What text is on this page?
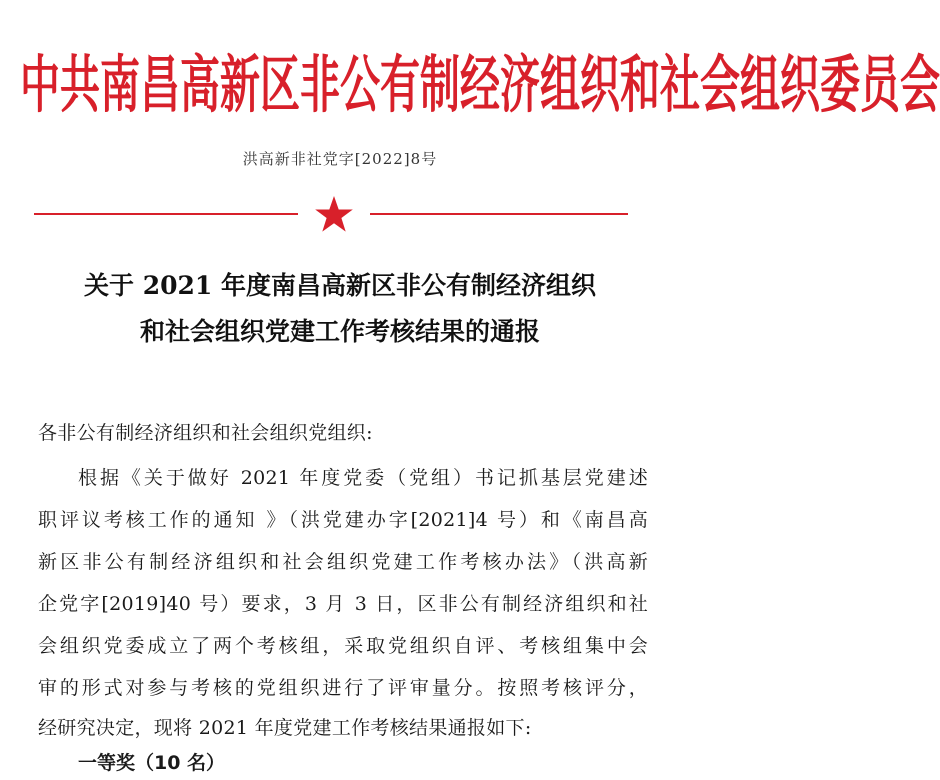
中共南昌高新区非公有制经济组织和社会组织委员会
洪高新非社党字[2022]8号
关于 2021 年度南昌高新区非公有制经济组织
和社会组织党建工作考核结果的通报
各非公有制经济组织和社会组织党组织:
根据《关于做好 2021 年度党委（党组）书记抓基层党建述
职评议考核工作的通知 》（洪党建办字[2021]4 号）和《南昌高
新区非公有制经济组织和社会组织党建工作考核办法》（洪高新
企党字[2019]40 号）要求，3 月 3 日，区非公有制经济组织和社
会组织党委成立了两个考核组，采取党组织自评、考核组集中会
审的形式对参与考核的党组织进行了评审量分。按照考核评分，
经研究决定，现将 2021 年度党建工作考核结果通报如下:
一等奖（10 名）
